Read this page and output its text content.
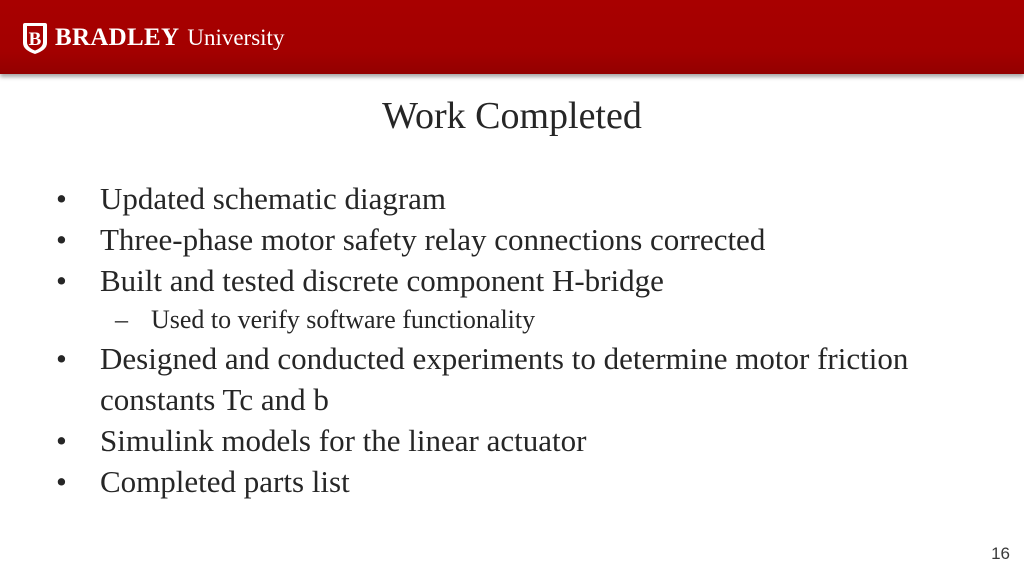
B BRADLEY University
Work Completed
• Updated schematic diagram
• Three-phase motor safety relay connections corrected
• Built and tested discrete component H-bridge
– Used to verify software functionality
• Designed and conducted experiments to determine motor friction constants Tc and b
• Simulink models for the linear actuator
• Completed parts list
16
